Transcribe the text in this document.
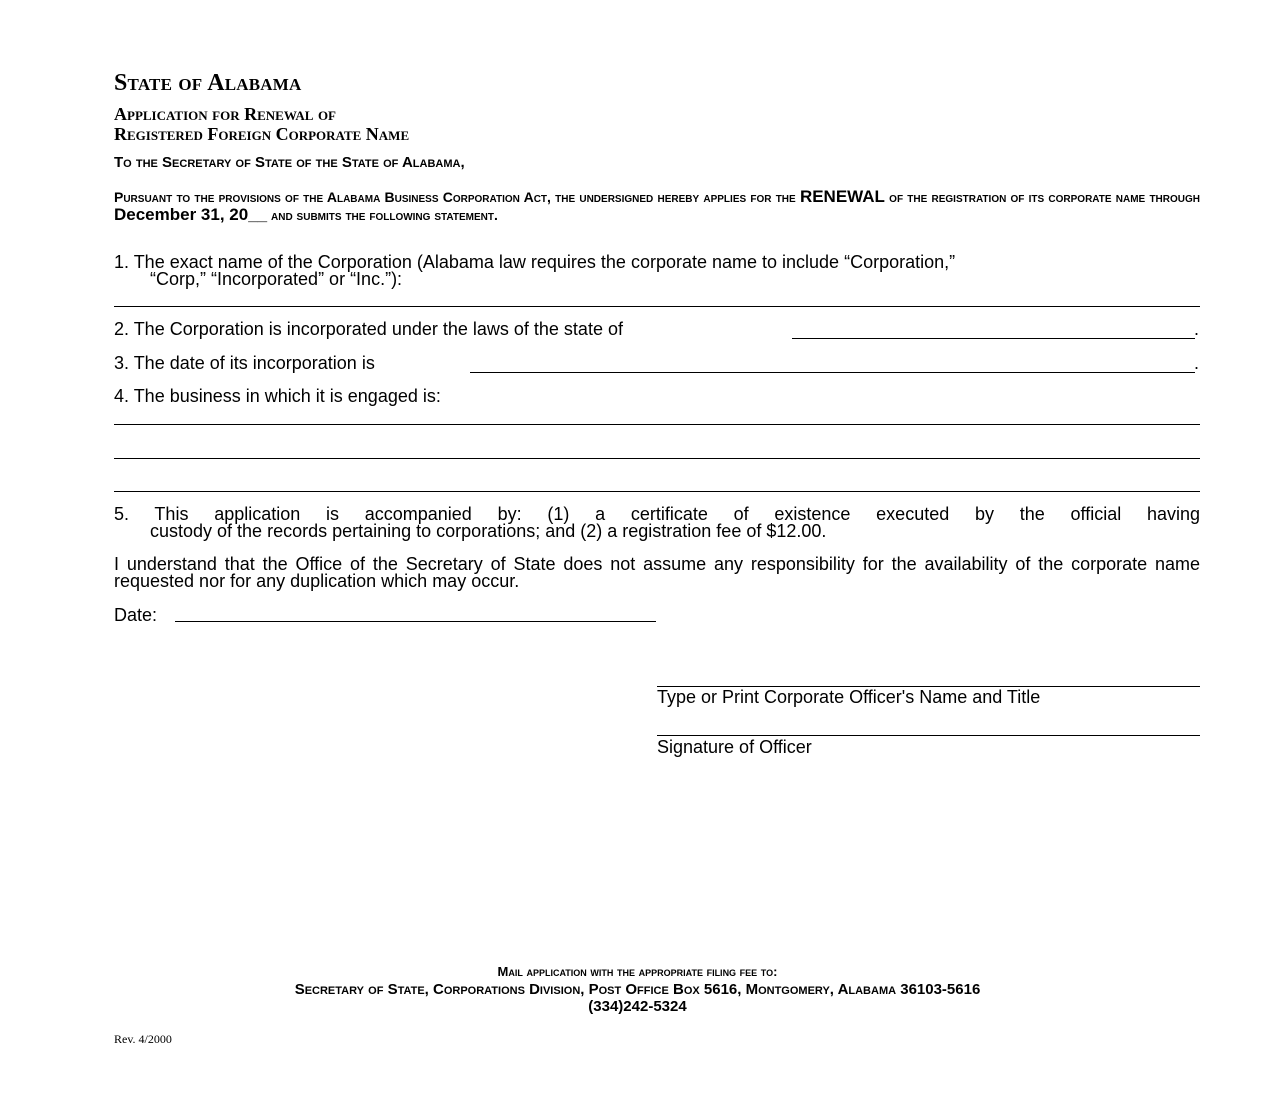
State of Alabama
Application for Renewal of
Registered Foreign Corporate Name
To the Secretary of State of the State of Alabama,
Pursuant to the provisions of the Alabama Business Corporation Act, the undersigned hereby applies for the RENEWAL of the registration of its corporate name through December 31, 20__ and submits the following statement.
1. The exact name of the Corporation (Alabama law requires the corporate name to include “Corporation,”
“Corp,” “Incorporated” or “Inc.”):
2. The Corporation is incorporated under the laws of the state of	.
3. The date of its incorporation is	.
4. The business in which it is engaged is:
5. This application is accompanied by: (1) a certificate of existence executed by the official having
custody of the records pertaining to corporations; and (2) a registration fee of $12.00.
I understand that the Office of the Secretary of State does not assume any responsibility for the availability of the corporate name requested nor for any duplication which may occur.
Date:
Type or Print Corporate Officer's Name and Title
Signature of Officer
Mail application with the appropriate filing fee to:
Secretary of State, Corporations Division, Post Office Box 5616, Montgomery, Alabama 36103-5616
(334)242-5324
Rev. 4/2000
